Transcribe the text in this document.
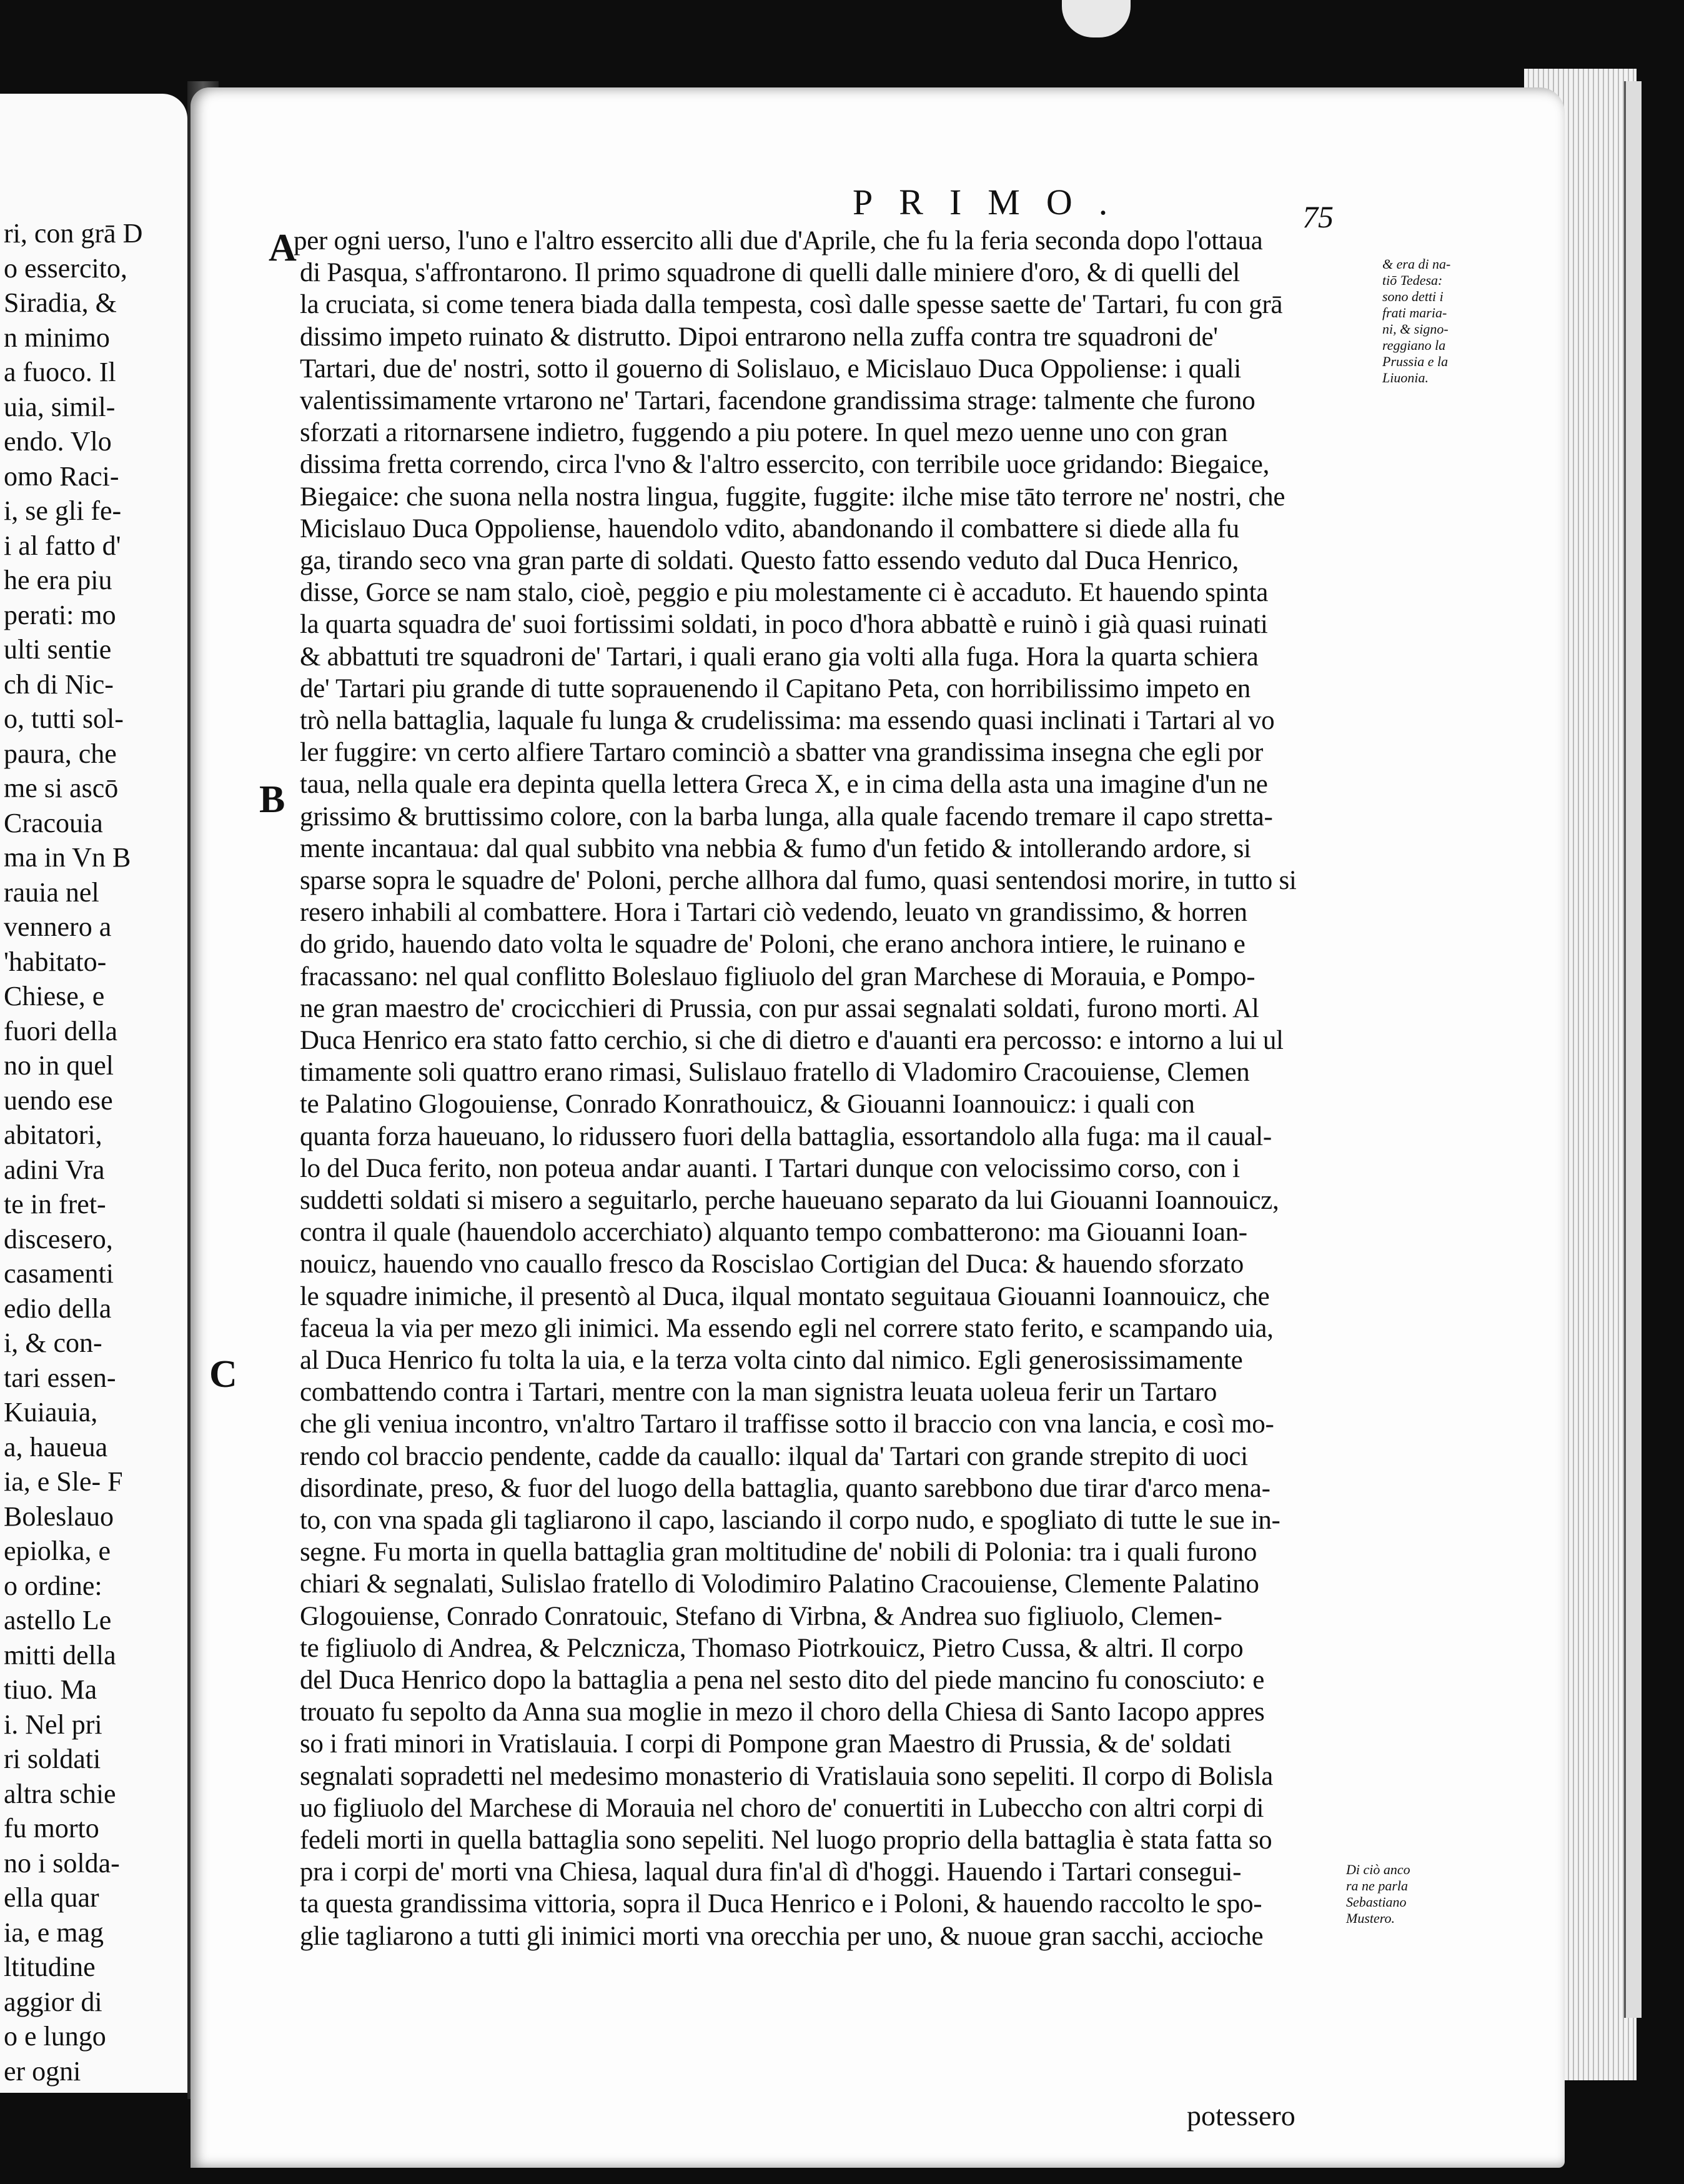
ri, con grā D
o essercito,
Siradia, &
n minimo
a fuoco. Il
uia, simil-
endo. Vlo
omo Raci-
i, se gli fe-
i al fatto d'
he era piu
perati: mo
ulti sentie
ch di Nic-
o, tutti sol-
paura, che
me si ascō
Cracouia
ma in Vn B
rauia nel
vennero a
'habitato-
Chiese, e
fuori della
no in quel
uendo ese
abitatori,
adini Vra
te in fret-
discesero,
casamenti
edio della
i, & con-
tari essen-
Kuiauia,
a, haueua
ia, e Sle- F
Boleslauo
epiolka, e
o ordine:
astello Le
mitti della
tiuo. Ma
i. Nel pri
ri soldati
altra schie
fu morto
no i solda-
ella quar
ia, e mag
ltitudine
aggior di
o e lungo
er ogni
PRIMO.	75
A
B
C
per ogni uerso, l'uno e l'altro essercito alli due d'Aprile, che fu la feria seconda dopo l'ottaua
di Pasqua, s'affrontarono. Il primo squadrone di quelli dalle miniere d'oro, & di quelli del
la cruciata, si come tenera biada dalla tempesta, così dalle spesse saette de' Tartari, fu con grā
dissimo impeto ruinato & distrutto. Dipoi entrarono nella zuffa contra tre squadroni de'
Tartari, due de' nostri, sotto il gouerno di Solislauo, e Micislauo Duca Oppoliense: i quali
valentissimamente vrtarono ne' Tartari, facendone grandissima strage: talmente che furono
sforzati a ritornarsene indietro, fuggendo a piu potere. In quel mezo uenne uno con gran
dissima fretta correndo, circa l'vno & l'altro essercito, con terribile uoce gridando: Biegaice,
Biegaice: che suona nella nostra lingua, fuggite, fuggite: ilche mise tāto terrore ne' nostri, che
Micislauo Duca Oppoliense, hauendolo vdito, abandonando il combattere si diede alla fu
ga, tirando seco vna gran parte di soldati. Questo fatto essendo veduto dal Duca Henrico,
disse, Gorce se nam stalo, cioè, peggio e piu molestamente ci è accaduto. Et hauendo spinta
la quarta squadra de' suoi fortissimi soldati, in poco d'hora abbattè e ruinò i già quasi ruinati
& abbattuti tre squadroni de' Tartari, i quali erano gia volti alla fuga. Hora la quarta schiera
de' Tartari piu grande di tutte soprauenendo il Capitano Peta, con horribilissimo impeto en
trò nella battaglia, laquale fu lunga & crudelissima: ma essendo quasi inclinati i Tartari al vo
ler fuggire: vn certo alfiere Tartaro cominciò a sbatter vna grandissima insegna che egli por
taua, nella quale era depinta quella lettera Greca X, e in cima della asta una imagine d'un ne
grissimo & bruttissimo colore, con la barba lunga, alla quale facendo tremare il capo stretta-
mente incantaua: dal qual subbito vna nebbia & fumo d'un fetido & intollerando ardore, si
sparse sopra le squadre de' Poloni, perche allhora dal fumo, quasi sentendosi morire, in tutto si
resero inhabili al combattere. Hora i Tartari ciò vedendo, leuato vn grandissimo, & horren
do grido, hauendo dato volta le squadre de' Poloni, che erano anchora intiere, le ruinano e
fracassano: nel qual conflitto Boleslauo figliuolo del gran Marchese di Morauia, e Pompo-
ne gran maestro de' crocicchieri di Prussia, con pur assai segnalati soldati, furono morti. Al
Duca Henrico era stato fatto cerchio, si che di dietro e d'auanti era percosso: e intorno a lui ul
timamente soli quattro erano rimasi, Sulislauo fratello di Vladomiro Cracouiense, Clemen
te Palatino Glogouiense, Conrado Konrathouicz, & Giouanni Ioannouicz: i quali con
quanta forza haueuano, lo ridussero fuori della battaglia, essortandolo alla fuga: ma il caual-
lo del Duca ferito, non poteua andar auanti. I Tartari dunque con velocissimo corso, con i
suddetti soldati si misero a seguitarlo, perche haueuano separato da lui Giouanni Ioannouicz,
contra il quale (hauendolo accerchiato) alquanto tempo combatterono: ma Giouanni Ioan-
nouicz, hauendo vno cauallo fresco da Roscislao Cortigian del Duca: & hauendo sforzato
le squadre inimiche, il presentò al Duca, ilqual montato seguitaua Giouanni Ioannouicz, che
faceua la via per mezo gli inimici. Ma essendo egli nel correre stato ferito, e scampando uia,
al Duca Henrico fu tolta la uia, e la terza volta cinto dal nimico. Egli generosissimamente
combattendo contra i Tartari, mentre con la man signistra leuata uoleua ferir un Tartaro
che gli veniua incontro, vn'altro Tartaro il traffisse sotto il braccio con vna lancia, e così mo-
rendo col braccio pendente, cadde da cauallo: ilqual da' Tartari con grande strepito di uoci
disordinate, preso, & fuor del luogo della battaglia, quanto sarebbono due tirar d'arco mena-
to, con vna spada gli tagliarono il capo, lasciando il corpo nudo, e spogliato di tutte le sue in-
segne. Fu morta in quella battaglia gran moltitudine de' nobili di Polonia: tra i quali furono
chiari & segnalati, Sulislao fratello di Volodimiro Palatino Cracouiense, Clemente Palatino
Glogouiense, Conrado Conratouic, Stefano di Virbna, & Andrea suo figliuolo, Clemen-
te figliuolo di Andrea, & Pelcznicza, Thomaso Piotrkouicz, Pietro Cussa, & altri. Il corpo
del Duca Henrico dopo la battaglia a pena nel sesto dito del piede mancino fu conosciuto: e
trouato fu sepolto da Anna sua moglie in mezo il choro della Chiesa di Santo Iacopo appres
so i frati minori in Vratislauia. I corpi di Pompone gran Maestro di Prussia, & de' soldati
segnalati sopradetti nel medesimo monasterio di Vratislauia sono sepeliti. Il corpo di Bolisla
uo figliuolo del Marchese di Morauia nel choro de' conuertiti in Lubeccho con altri corpi di
fedeli morti in quella battaglia sono sepeliti. Nel luogo proprio della battaglia è stata fatta so
pra i corpi de' morti vna Chiesa, laqual dura fin'al dì d'hoggi. Hauendo i Tartari consegui-
ta questa grandissima vittoria, sopra il Duca Henrico e i Poloni, & hauendo raccolto le spo-
glie tagliarono a tutti gli inimici morti vna orecchia per uno, & nuoue gran sacchi, accioche
& era di na-
tiō Tedesa:
sono detti i
frati maria-
ni, & signo-
reggiano la
Prussia e la
Liuonia.
Di ciò anco
ra ne parla
Sebastiano
Mustero.
potessero
